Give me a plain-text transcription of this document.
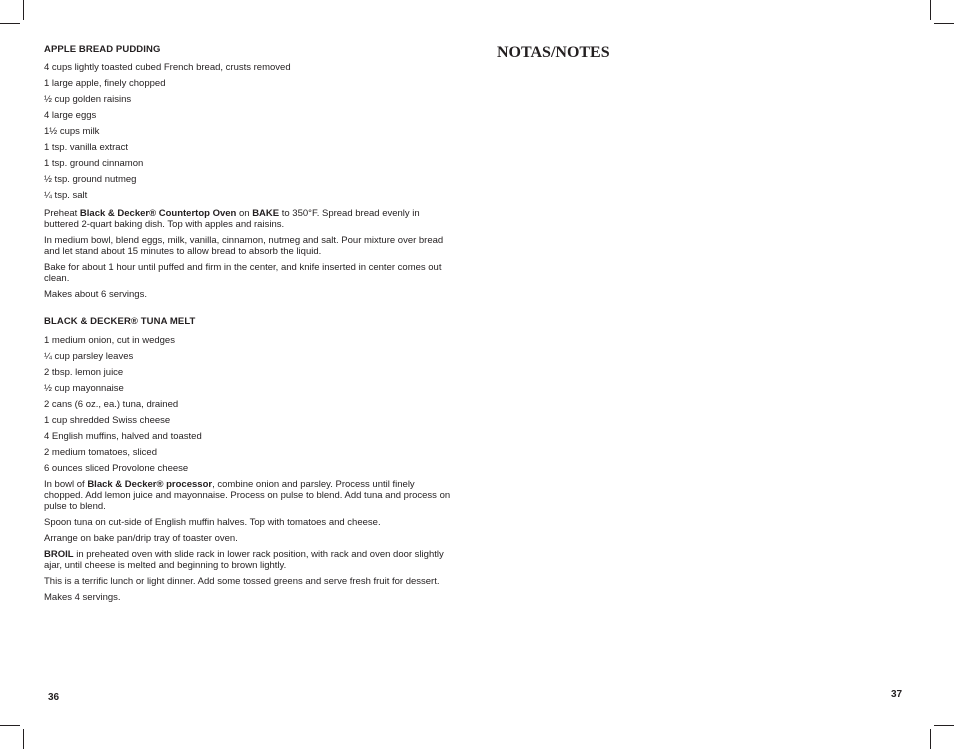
APPLE BREAD PUDDING

4 cups lightly toasted cubed French bread, crusts removed

1 large apple, finely chopped

½ cup golden raisins

4 large eggs

1½ cups milk

1 tsp. vanilla extract

1 tsp. ground cinnamon

½ tsp. ground nutmeg

¼ tsp. salt

Preheat Black & Decker® Countertop Oven on BAKE to 350°F. Spread bread evenly in buttered 2-quart baking dish. Top with apples and raisins.

In medium bowl, blend eggs, milk, vanilla, cinnamon, nutmeg and salt. Pour mixture over bread and let stand about 15 minutes to allow bread to absorb the liquid.

Bake for about 1 hour until puffed and firm in the center, and knife inserted in center comes out clean.

Makes about 6 servings.

BLACK & DECKER® TUNA MELT

1 medium onion, cut in wedges

¼ cup parsley leaves

2 tbsp. lemon juice

½ cup mayonnaise

2 cans (6 oz., ea.) tuna, drained

1 cup shredded Swiss cheese

4 English muffins, halved and toasted

2 medium tomatoes, sliced

6 ounces sliced Provolone cheese

In bowl of Black & Decker® processor, combine onion and parsley. Process until finely chopped. Add lemon juice and mayonnaise. Process on pulse to blend. Add tuna and process on pulse to blend.

Spoon tuna on cut-side of English muffin halves. Top with tomatoes and cheese.

Arrange on bake pan/drip tray of toaster oven.

BROIL in preheated oven with slide rack in lower rack position, with rack and oven door slightly ajar, until cheese is melted and beginning to brown lightly.

This is a terrific lunch or light dinner. Add some tossed greens and serve fresh fruit for dessert.

Makes 4 servings.

36
NOTAS/NOTES
37
